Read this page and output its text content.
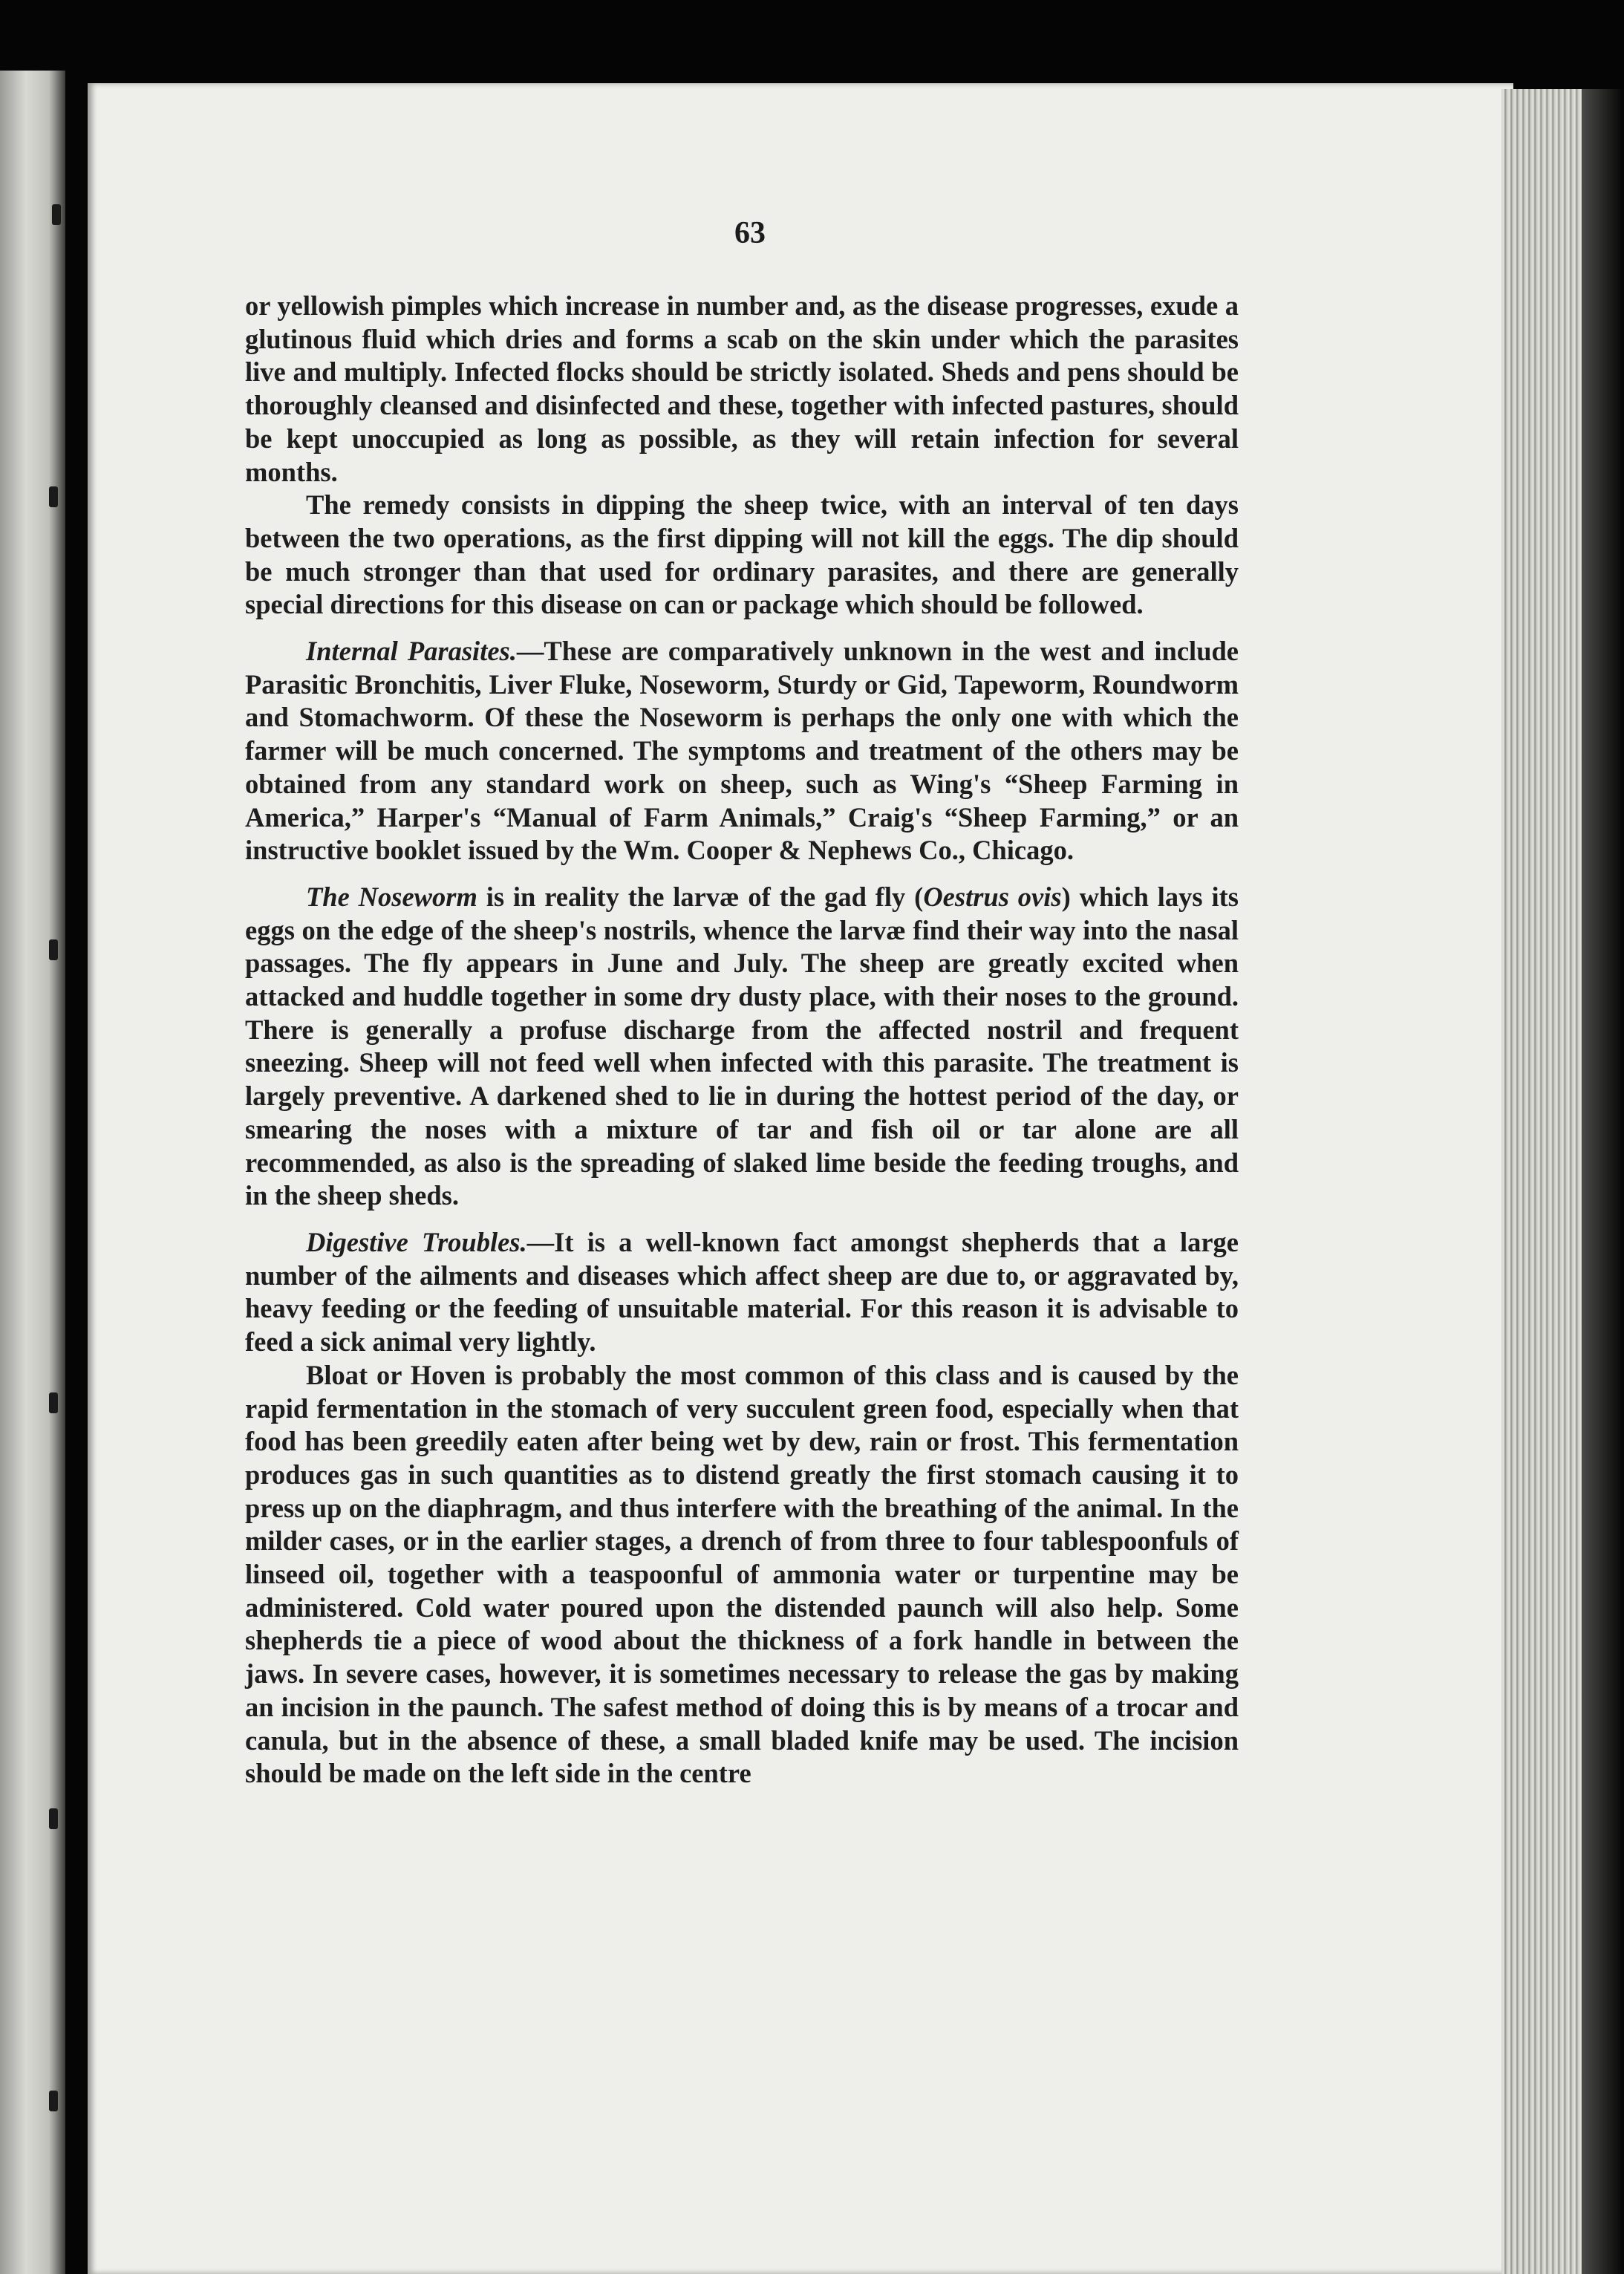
63

or yellowish pimples which increase in number and, as the disease progresses, exude a glutinous fluid which dries and forms a scab on the skin under which the parasites live and multiply. Infected flocks should be strictly isolated. Sheds and pens should be thoroughly cleansed and disinfected and these, together with infected pastures, should be kept unoccupied as long as possible, as they will retain infection for several months.

The remedy consists in dipping the sheep twice, with an interval of ten days between the two operations, as the first dipping will not kill the eggs. The dip should be much stronger than that used for ordinary parasites, and there are generally special directions for this disease on can or package which should be followed.

Internal Parasites.—These are comparatively unknown in the west and include Parasitic Bronchitis, Liver Fluke, Noseworm, Sturdy or Gid, Tapeworm, Roundworm and Stomachworm. Of these the Noseworm is perhaps the only one with which the farmer will be much concerned. The symptoms and treatment of the others may be obtained from any standard work on sheep, such as Wing's “Sheep Farming in America,” Harper's “Manual of Farm Animals,” Craig's “Sheep Farming,” or an instructive booklet issued by the Wm. Cooper & Nephews Co., Chicago.

The Noseworm is in reality the larvæ of the gad fly (Oestrus ovis) which lays its eggs on the edge of the sheep's nostrils, whence the larvæ find their way into the nasal passages. The fly appears in June and July. The sheep are greatly excited when attacked and huddle together in some dry dusty place, with their noses to the ground. There is generally a profuse discharge from the affected nostril and frequent sneezing. Sheep will not feed well when infected with this parasite. The treatment is largely preventive. A darkened shed to lie in during the hottest period of the day, or smearing the noses with a mixture of tar and fish oil or tar alone are all recommended, as also is the spreading of slaked lime beside the feeding troughs, and in the sheep sheds.

Digestive Troubles.—It is a well-known fact amongst shepherds that a large number of the ailments and diseases which affect sheep are due to, or aggravated by, heavy feeding or the feeding of unsuitable material. For this reason it is advisable to feed a sick animal very lightly.

Bloat or Hoven is probably the most common of this class and is caused by the rapid fermentation in the stomach of very succulent green food, especially when that food has been greedily eaten after being wet by dew, rain or frost. This fermentation produces gas in such quantities as to distend greatly the first stomach causing it to press up on the diaphragm, and thus interfere with the breathing of the animal. In the milder cases, or in the earlier stages, a drench of from three to four tablespoonfuls of linseed oil, together with a teaspoonful of ammonia water or turpentine may be administered. Cold water poured upon the distended paunch will also help. Some shepherds tie a piece of wood about the thickness of a fork handle in between the jaws. In severe cases, however, it is sometimes necessary to release the gas by making an incision in the paunch. The safest method of doing this is by means of a trocar and canula, but in the absence of these, a small bladed knife may be used. The incision should be made on the left side in the centre
